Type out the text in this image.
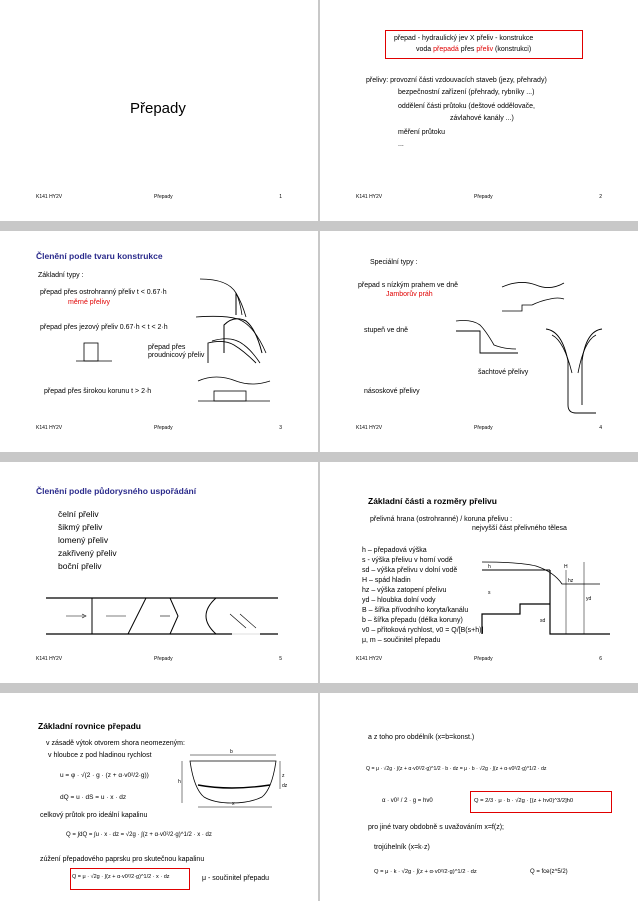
Přepady
K141 HY2V	Přepady	1
přepad - hydraulický jev X přeliv - konstrukce
voda přepadá přes přeliv (konstrukci)
přelivy: provozní části vzdouvacích staveb (jezy, přehrady)
bezpečnostní zařízení (přehrady, rybníky ...)
oddělení části průtoku (deštové oddělovače,
závlahové kanály ...)
měření průtoku
...
K141 HY2V	Přepady	2
Členění podle tvaru konstrukce
Základní typy :
přepad přes ostrohranný přeliv t < 0.67·h
měrné přelivy
přepad přes jezový přeliv 0.67·h < t < 2·h
přepad přes
proudnicový přeliv
přepad přes širokou korunu t > 2·h
K141 HY2V	Přepady	3
Speciální typy :
přepad s nízkým prahem ve dně
Jamborův práh
stupeň ve dně
šachtové přelivy
násoskové přelivy
K141 HY2V	Přepady	4
Členění podle půdorysného uspořádání
čelní přeliv
šikmý přeliv
lomený přeliv
zakřivený přeliv
boční přeliv
K141 HY2V	Přepady	5
Základní části a rozměry přelivu
přelivná hrana (ostrohranné) / koruna přelivu :
nejvyšší část přelivného tělesa
h – přepadová výška
s - výška přelivu v horní vodě
sd – výška přelivu v dolní vodě
H – spád hladin
hz – výška zatopení přelivu
yd – hloubka dolní vody
B – šířka přívodního koryta/kanálu
b – šířka přepadu (délka koruny)
v0 – přítoková rychlost, v0 = Q/[B(s+h)]
μ, m – součinitel přepadu
h
s
sd
yd
H
hz
K141 HY2V	Přepady	6
Základní rovnice přepadu
v zásadě výtok otvorem shora neomezeným:
v hloubce z pod hladinou rychlost
u = φ · √(2 · g · (z + α·v0²/2·g))
dQ = u · dS = u · x · dz
celkový průtok pro ideální kapalinu
Q = ∫dQ = ∫u · x · dz = √2g · ∫(z + α·v0²/2·g)^1/2 · x · dz
zúžení přepadového paprsku pro skutečnou kapalinu
Q = μ · √2g · ∫(z + α·v0²/2·g)^1/2 · x · dz	μ - součinitel přepadu
b
h
z
dz
x
a z toho pro obdélník (x=b=konst.)
Q = μ · √2g · ∫(z + α·v0²/2·g)^1/2 · b · dz = μ · b · √2g · ∫(z + α·v0²/2·g)^1/2 · dz
α · v0² / 2 · g = hv0	Q = 2/3 · μ · b · √2g · [(z + hv0)^3/2]h0
pro jiné tvary obdobně s uvažováním x=f(z);
trojúhelník (x=k·z)
Q = μ · k · √2g · ∫(z + α·v0²/2·g)^1/2 · dz	Q = fce(z^5/2)
